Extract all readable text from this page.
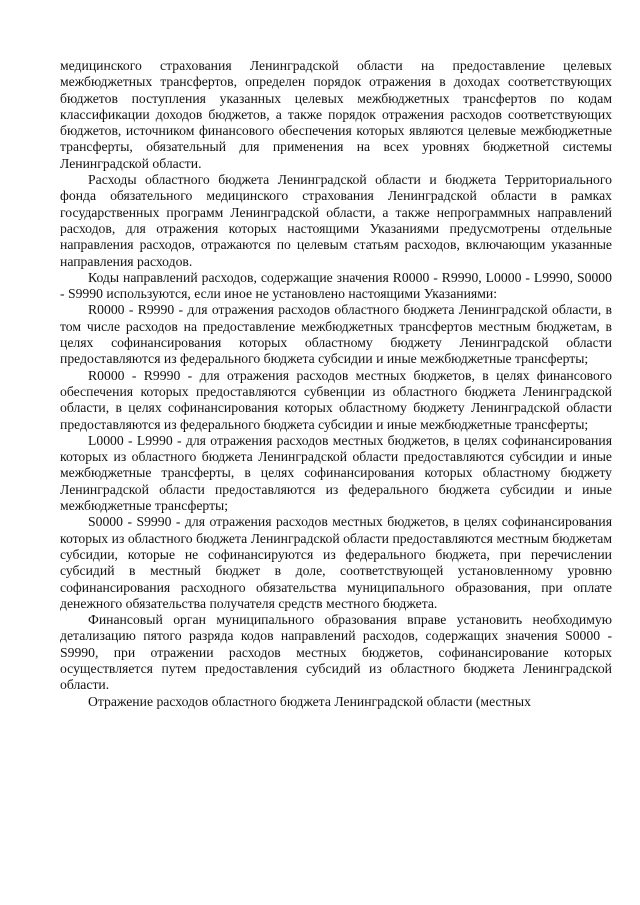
медицинского страхования Ленинградской области на предоставление целевых межбюджетных трансфертов, определен порядок отражения в доходах соответствующих бюджетов поступления указанных целевых межбюджетных трансфертов по кодам классификации доходов бюджетов, а также порядок отражения расходов соответствующих бюджетов, источником финансового обеспечения которых являются целевые межбюджетные трансферты, обязательный для применения на всех уровнях бюджетной системы Ленинградской области.

Расходы областного бюджета Ленинградской области и бюджета Территориального фонда обязательного медицинского страхования Ленинградской области в рамках государственных программ Ленинградской области, а также непрограммных направлений расходов, для отражения которых настоящими Указаниями предусмотрены отдельные направления расходов, отражаются по целевым статьям расходов, включающим указанные направления расходов.

Коды направлений расходов, содержащие значения R0000 - R9990, L0000 - L9990, S0000 - S9990 используются, если иное не установлено настоящими Указаниями:

R0000 - R9990 - для отражения расходов областного бюджета Ленинградской области, в том числе расходов на предоставление межбюджетных трансфертов местным бюджетам, в целях софинансирования которых областному бюджету Ленинградской области предоставляются из федерального бюджета субсидии и иные межбюджетные трансферты;

R0000 - R9990 - для отражения расходов местных бюджетов, в целях финансового обеспечения которых предоставляются субвенции из областного бюджета Ленинградской области, в целях софинансирования которых областному бюджету Ленинградской области предоставляются из федерального бюджета субсидии и иные межбюджетные трансферты;

L0000 - L9990 - для отражения расходов местных бюджетов, в целях софинансирования которых из областного бюджета Ленинградской области предоставляются субсидии и иные межбюджетные трансферты, в целях софинансирования которых областному бюджету Ленинградской области предоставляются из федерального бюджета субсидии и иные межбюджетные трансферты;

S0000 - S9990 - для отражения расходов местных бюджетов, в целях софинансирования которых из областного бюджета Ленинградской области предоставляются местным бюджетам субсидии, которые не софинансируются из федерального бюджета, при перечислении субсидий в местный бюджет в доле, соответствующей установленному уровню софинансирования расходного обязательства муниципального образования, при оплате денежного обязательства получателя средств местного бюджета.

Финансовый орган муниципального образования вправе установить необходимую детализацию пятого разряда кодов направлений расходов, содержащих значения S0000 - S9990, при отражении расходов местных бюджетов, софинансирование которых осуществляется путем предоставления субсидий из областного бюджета Ленинградской области.

Отражение расходов областного бюджета Ленинградской области (местных
